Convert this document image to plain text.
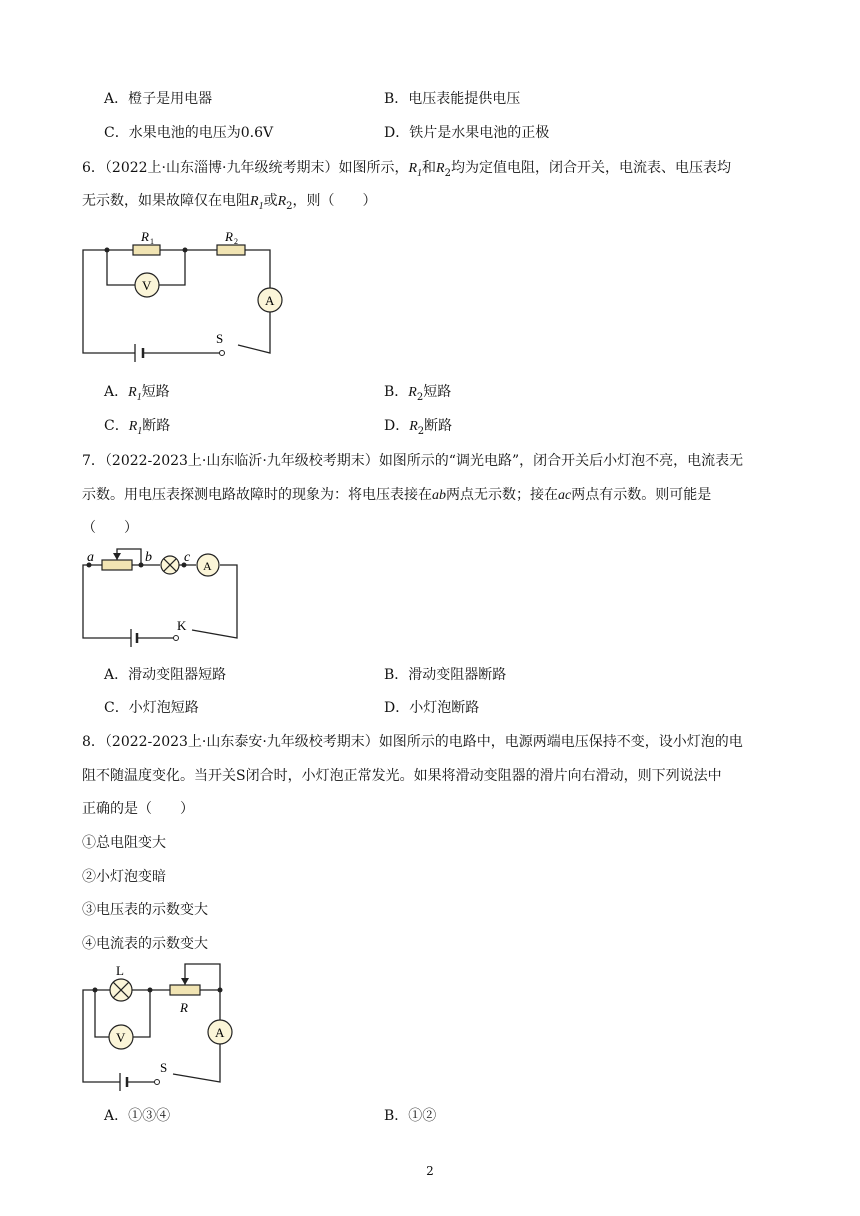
A．橙子是用电器	B．电压表能提供电压
C．水果电池的电压为0.6V	D．铁片是水果电池的正极
6．（2022上·山东淄博·九年级统考期末）如图所示，$R_1$和$R_2$均为定值电阻，闭合开关，电流表、电压表均
无示数，如果故障仅在电阻$R_1$或$R_2$，则（　　）
R 1	R 2
V
A
S
A．$R_1$短路	B．$R_2$短路
C．$R_1$断路	D．$R_2$断路
7．（2022-2023上·山东临沂·九年级校考期末）如图所示的“调光电路”，闭合开关后小灯泡不亮，电流表无
示数。用电压表探测电路故障时的现象为：将电压表接在ab两点无示数；接在ac两点有示数。则可能是
（　　）
a	b c
A
K
A．滑动变阻器短路	B．滑动变阻器断路
C．小灯泡短路	D．小灯泡断路
8．（2022-2023上·山东泰安·九年级校考期末）如图所示的电路中，电源两端电压保持不变，设小灯泡的电
阻不随温度变化。当开关S闭合时，小灯泡正常发光。如果将滑动变阻器的滑片向右滑动，则下列说法中
正确的是（　　）
①总电阻变大
②小灯泡变暗
③电压表的示数变大
④电流表的示数变大
L
R
V	A
S
A．①③④	B．①②
2
